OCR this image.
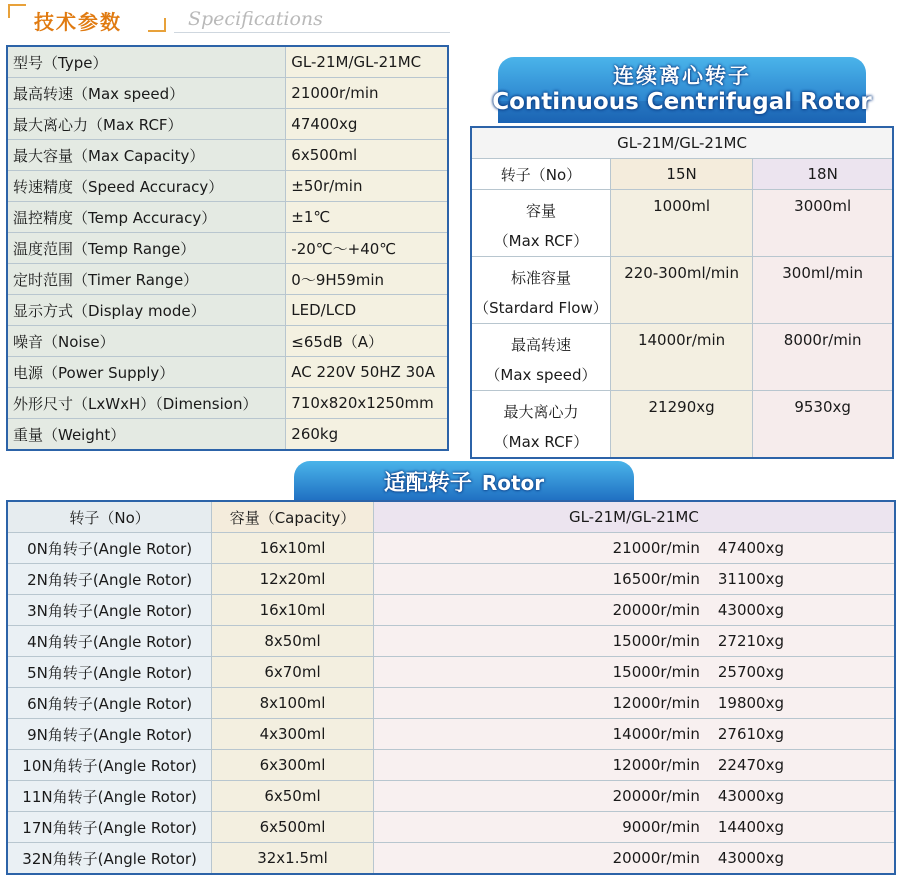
技术参数	Specifications
型号（Type）	GL-21M/GL-21MC
最高转速（Max speed）	21000r/min
最大离心力（Max RCF）	47400xg
最大容量（Max Capacity）	6x500ml
转速精度（Speed Accuracy）	±50r/min
温控精度（Temp Accuracy）	±1℃
温度范围（Temp Range）	-20℃～+40℃
定时范围（Timer Range）	0～9H59min
显示方式（Display mode）	LED/LCD
噪音（Noise）	≤65dB（A）
电源（Power Supply）	AC 220V 50HZ 30A
外形尺寸（LxWxH）（Dimension）	710x820x1250mm
重量（Weight）	260kg
连续离心转子
Continuous Centrifugal Rotor
GL-21M/GL-21MC		
转子（No）	15N	18N

容量
（Max RCF）	1000ml	3000ml

标准容量
（Stardard Flow）	220-300ml/min	300ml/min

最高转速
（Max speed）	14000r/min	8000r/min

最大离心力
（Max RCF）	21290xg	9530xg
适配转子 Rotor
转子（No）	容量（Capacity）	GL-21M/GL-21MC
0N角转子(Angle Rotor)	16x10ml	21000r/min 47400xg
2N角转子(Angle Rotor)	12x20ml	16500r/min 31100xg
3N角转子(Angle Rotor)	16x10ml	20000r/min 43000xg
4N角转子(Angle Rotor)	8x50ml	15000r/min 27210xg
5N角转子(Angle Rotor)	6x70ml	15000r/min 25700xg
6N角转子(Angle Rotor)	8x100ml	12000r/min 19800xg
9N角转子(Angle Rotor)	4x300ml	14000r/min 27610xg
10N角转子(Angle Rotor)	6x300ml	12000r/min 22470xg
11N角转子(Angle Rotor)	6x50ml	20000r/min 43000xg
17N角转子(Angle Rotor)	6x500ml	9000r/min 14400xg
32N角转子(Angle Rotor)	32x1.5ml	20000r/min 43000xg
